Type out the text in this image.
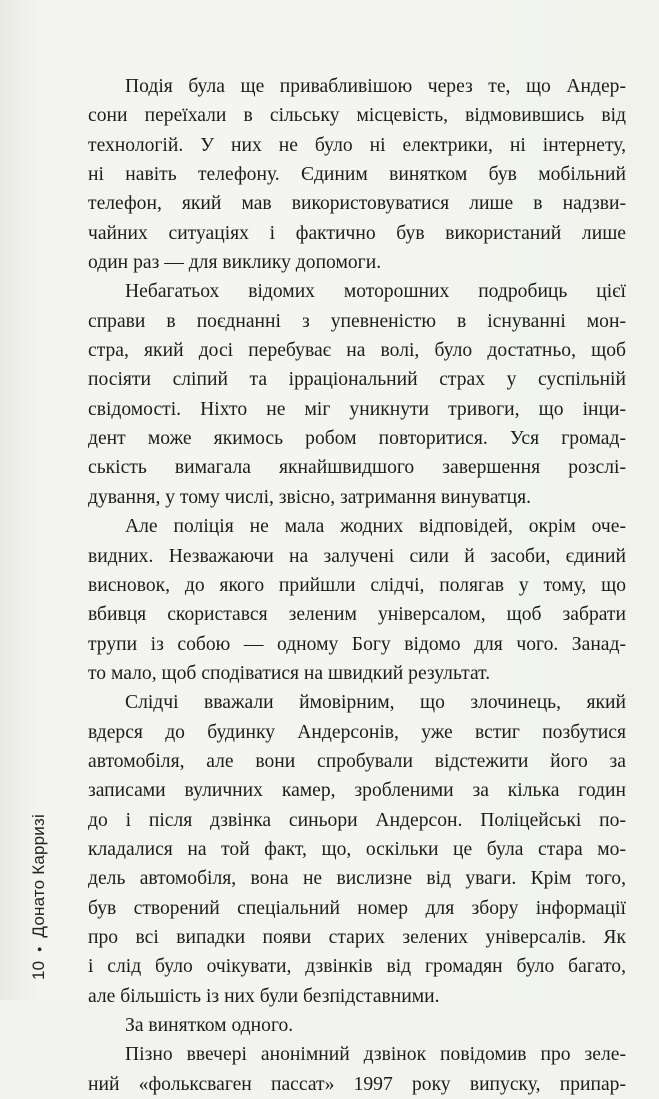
Подія була ще привабливішою через те, що Андер-
сони переїхали в сільську місцевість, відмовившись від
технологій. У них не було ні електрики, ні інтернету,
ні навіть телефону. Єдиним винятком був мобільний
телефон, який мав використовуватися лише в надзви-
чайних ситуаціях і фактично був використаний лише
один раз — для виклику допомоги.

Небагатьох відомих моторошних подробиць цієї
справи в поєднанні з упевненістю в існуванні мон-
стра, який досі перебуває на волі, було достатньо, щоб
посіяти сліпий та ірраціональний страх у суспільній
свідомості. Ніхто не міг уникнути тривоги, що інци-
дент може якимось робом повторитися. Уся громад-
ськість вимагала якнайшвидшого завершення розслі-
дування, у тому числі, звісно, затримання винуватця.

Але поліція не мала жодних відповідей, окрім оче-
видних. Незважаючи на залучені сили й засоби, єдиний
висновок, до якого прийшли слідчі, полягав у тому, що
вбивця скористався зеленим універсалом, щоб забрати
трупи із собою — одному Богу відомо для чого. Занад-
то мало, щоб сподіватися на швидкий результат.

Слідчі вважали ймовірним, що злочинець, який
вдерся до будинку Андерсонів, уже встиг позбутися
автомобіля, але вони спробували відстежити його за
записами вуличних камер, зробленими за кілька годин
до і після дзвінка синьори Андерсон. Поліцейські по-
кладалися на той факт, що, оскільки це була стара мо-
дель автомобіля, вона не вислизне від уваги. Крім того,
був створений спеціальний номер для збору інформації
про всі випадки появи старих зелених універсалів. Як
і слід було очікувати, дзвінків від громадян було багато,
але більшість із них були безпідставними.

За винятком одного.

Пізно ввечері анонімний дзвінок повідомив про зеле-
ний «фольксваген пассат» 1997 року випуску, припар-

10•Донато Карризі
